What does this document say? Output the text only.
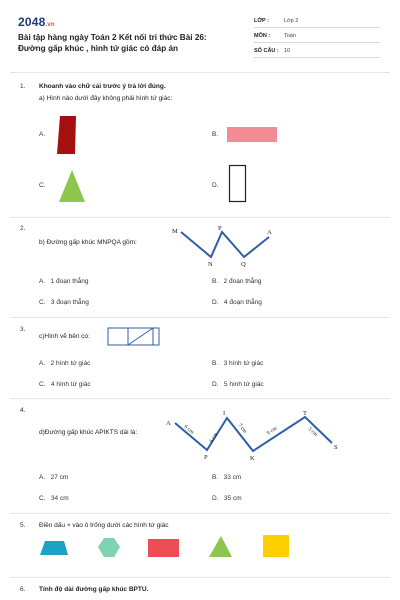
2048.vn
Bài tập hàng ngày Toán 2 Kết nối tri thức Bài 26: Đường gấp khúc , hình tứ giác có đáp án
LỚP :	Lớp 2
MÔN :	Toán
SỐ CÂU : 10
1. Khoanh vào chữ cái trước ý trả lời đúng.
a) Hình nào dưới đây không phải hình tứ giác:
A.	B.
C.	D.
2.
b) Đường gấp khúc MNPQA gồm:
M
N
P
Q
A
A. 1 đoạn thẳng	B. 2 đoạn thẳng
C. 3 đoạn thẳng	D. 4 đoạn thẳng
3.
c)Hình vẽ bên có:
A. 2 hình tứ giác	B. 3 hình tứ giác
C. 4 hình tứ giác	D. 5 hình tứ giác
4.
d)Đường gấp khúc APIKTS dài là:
A
P
I
K
T
S
6 cm
6 cm
7 cm	9 cm	5 cm
A. 27 cm	B. 33 cm
C. 34 cm	D. 35 cm
5. Điền dấu × vào ô trống dưới các hình tứ giác
6. Tính độ dài đường gấp khúc BPTU.
